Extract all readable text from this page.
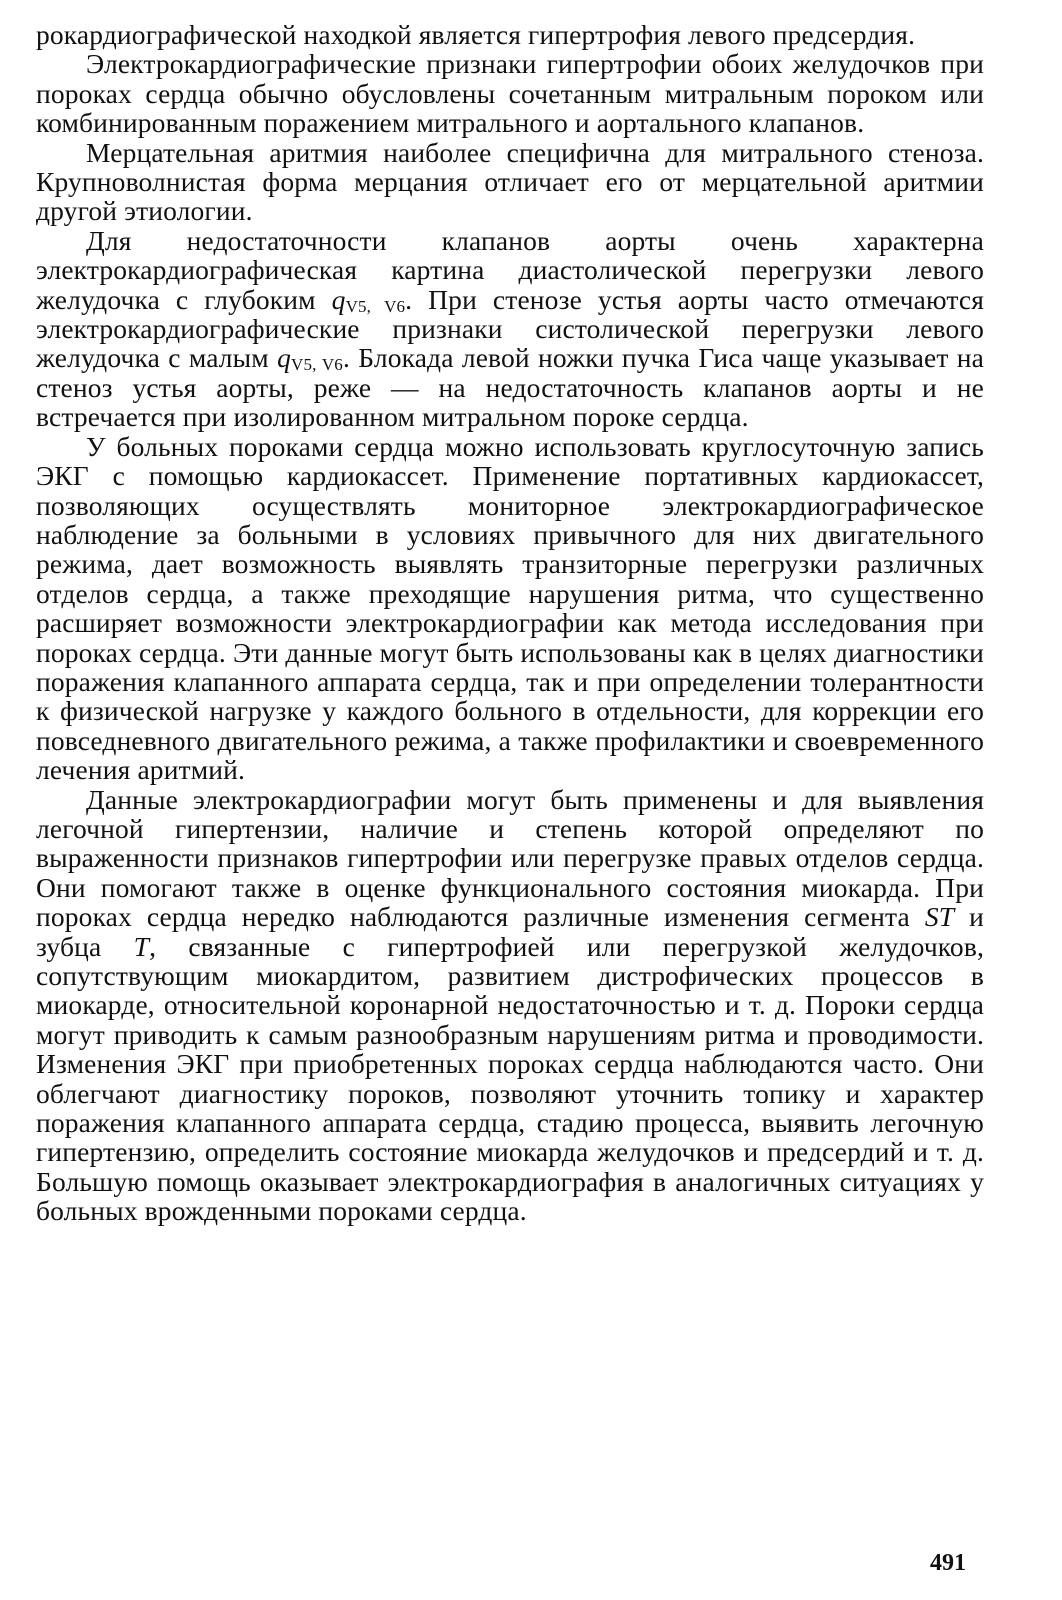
рокардиографической находкой является гипертрофия левого предсердия.

Электрокардиографические признаки гипертрофии обоих желудочков при пороках сердца обычно обусловлены сочетанным митральным пороком или комбинированным поражением митрального и аортального клапанов.

Мерцательная аритмия наиболее специфична для митрального стеноза. Крупноволнистая форма мерцания отличает его от мерцательной аритмии другой этиологии.

Для недостаточности клапанов аорты очень характерна электрокардиографическая картина диастолической перегрузки левого желудочка с глубоким qV5, V6. При стенозе устья аорты часто отмечаются электрокардиографические признаки систолической перегрузки левого желудочка с малым qV5, V6. Блокада левой ножки пучка Гиса чаще указывает на стеноз устья аорты, реже — на недостаточность клапанов аорты и не встречается при изолированном митральном пороке сердца.

У больных пороками сердца можно использовать круглосуточную запись ЭКГ с помощью кардиокассет. Применение портативных кардиокассет, позволяющих осуществлять мониторное электрокардиографическое наблюдение за больными в условиях привычного для них двигательного режима, дает возможность выявлять транзиторные перегрузки различных отделов сердца, а также преходящие нарушения ритма, что существенно расширяет возможности электрокардиографии как метода исследования при пороках сердца. Эти данные могут быть использованы как в целях диагностики поражения клапанного аппарата сердца, так и при определении толерантности к физической нагрузке у каждого больного в отдельности, для коррекции его повседневного двигательного режима, а также профилактики и своевременного лечения аритмий.

Данные электрокардиографии могут быть применены и для выявления легочной гипертензии, наличие и степень которой определяют по выраженности признаков гипертрофии или перегрузке правых отделов сердца. Они помогают также в оценке функционального состояния миокарда. При пороках сердца нередко наблюдаются различные изменения сегмента ST и зубца T, связанные с гипертрофией или перегрузкой желудочков, сопутствующим миокардитом, развитием дистрофических процессов в миокарде, относительной коронарной недостаточностью и т. д. Пороки сердца могут приводить к самым разнообразным нарушениям ритма и проводимости. Изменения ЭКГ при приобретенных пороках сердца наблюдаются часто. Они облегчают диагностику пороков, позволяют уточнить топику и характер поражения клапанного аппарата сердца, стадию процесса, выявить легочную гипертензию, определить состояние миокарда желудочков и предсердий и т. д. Большую помощь оказывает электрокардиография в аналогичных ситуациях у больных врожденными пороками сердца.

491
